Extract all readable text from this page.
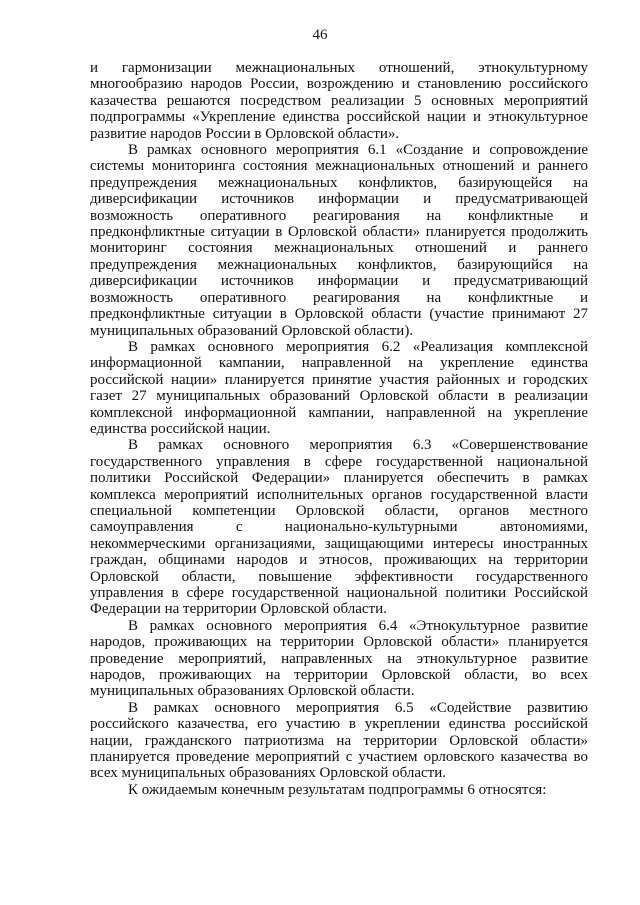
46

и гармонизации межнациональных отношений, этнокультурному многообразию народов России, возрождению и становлению российского казачества решаются посредством реализации 5 основных мероприятий подпрограммы «Укрепление единства российской нации и этнокультурное развитие народов России в Орловской области».

В рамках основного мероприятия 6.1 «Создание и сопровождение системы мониторинга состояния межнациональных отношений и раннего предупреждения межнациональных конфликтов, базирующейся на диверсификации источников информации и предусматривающей возможность оперативного реагирования на конфликтные и предконфликтные ситуации в Орловской области» планируется продолжить мониторинг состояния межнациональных отношений и раннего предупреждения межнациональных конфликтов, базирующийся на диверсификации источников информации и предусматривающий возможность оперативного реагирования на конфликтные и предконфликтные ситуации в Орловской области (участие принимают 27 муниципальных образований Орловской области).

В рамках основного мероприятия 6.2 «Реализация комплексной информационной кампании, направленной на укрепление единства российской нации» планируется принятие участия районных и городских газет 27 муниципальных образований Орловской области в реализации комплексной информационной кампании, направленной на укрепление единства российской нации.

В рамках основного мероприятия 6.3 «Совершенствование государственного управления в сфере государственной национальной политики Российской Федерации» планируется обеспечить в рамках комплекса мероприятий исполнительных органов государственной власти специальной компетенции Орловской области, органов местного самоуправления с национально-культурными автономиями, некоммерческими организациями, защищающими интересы иностранных граждан, общинами народов и этносов, проживающих на территории Орловской области, повышение эффективности государственного управления в сфере государственной национальной политики Российской Федерации на территории Орловской области.

В рамках основного мероприятия 6.4 «Этнокультурное развитие народов, проживающих на территории Орловской области» планируется проведение мероприятий, направленных на этнокультурное развитие народов, проживающих на территории Орловской области, во всех муниципальных образованиях Орловской области.

В рамках основного мероприятия 6.5 «Содействие развитию российского казачества, его участию в укреплении единства российской нации, гражданского патриотизма на территории Орловской области» планируется проведение мероприятий с участием орловского казачества во всех муниципальных образованиях Орловской области.

К ожидаемым конечным результатам подпрограммы 6 относятся:
